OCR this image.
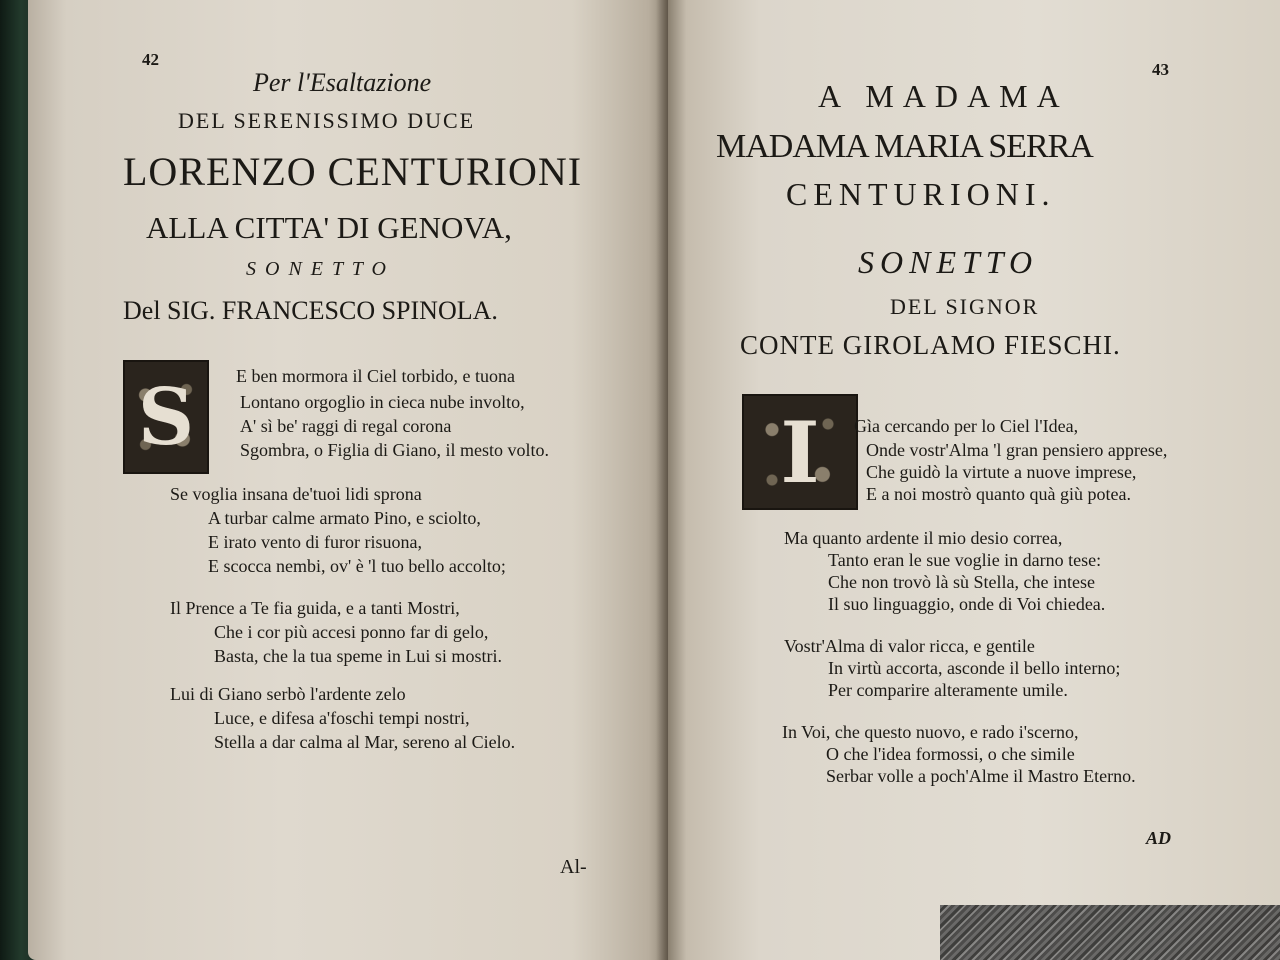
42
Per l'Esaltazione
DEL SERENISSIMO DUCE
LORENZO CENTURIONI
ALLA CITTA' DI GENOVA,
S O N E T T O
Del SIG. FRANCESCO SPINOLA.
S	E ben mormora il Ciel torbido, e tuona
Lontano orgoglio in cieca nube involto,
A' sì be' raggi di regal corona
Sgombra, o Figlia di Giano, il mesto volto.
Se voglia insana de'tuoi lidi sprona
A turbar calme armato Pino, e sciolto,
E irato vento di furor risuona,
E scocca nembi, ov' è 'l tuo bello accolto;
Il Prence a Te fia guida, e a tanti Mostri,
Che i cor più accesi ponno far di gelo,
Basta, che la tua speme in Lui si mostri.
Lui di Giano serbò l'ardente zelo
Luce, e difesa a'foschi tempi nostri,
Stella a dar calma al Mar, sereno al Cielo.
Al-
43
A MADAMA
MADAMA MARIA SERRA
CENTURIONI.
SONETTO
DEL SIGNOR
CONTE GIROLAMO FIESCHI.
I	Gìa cercando per lo Ciel l'Idea,
Onde vostr'Alma 'l gran pensiero apprese,
Che guidò la virtute a nuove imprese,
E a noi mostrò quanto quà giù potea.
Ma quanto ardente il mio desio correa,
Tanto eran le sue voglie in darno tese:
Che non trovò là sù Stella, che intese
Il suo linguaggio, onde di Voi chiedea.
Vostr'Alma di valor ricca, e gentile
In virtù accorta, asconde il bello interno;
Per comparire alteramente umile.
In Voi, che questo nuovo, e rado i'scerno,
O che l'idea formossi, o che simile
Serbar volle a poch'Alme il Mastro Eterno.
AD
